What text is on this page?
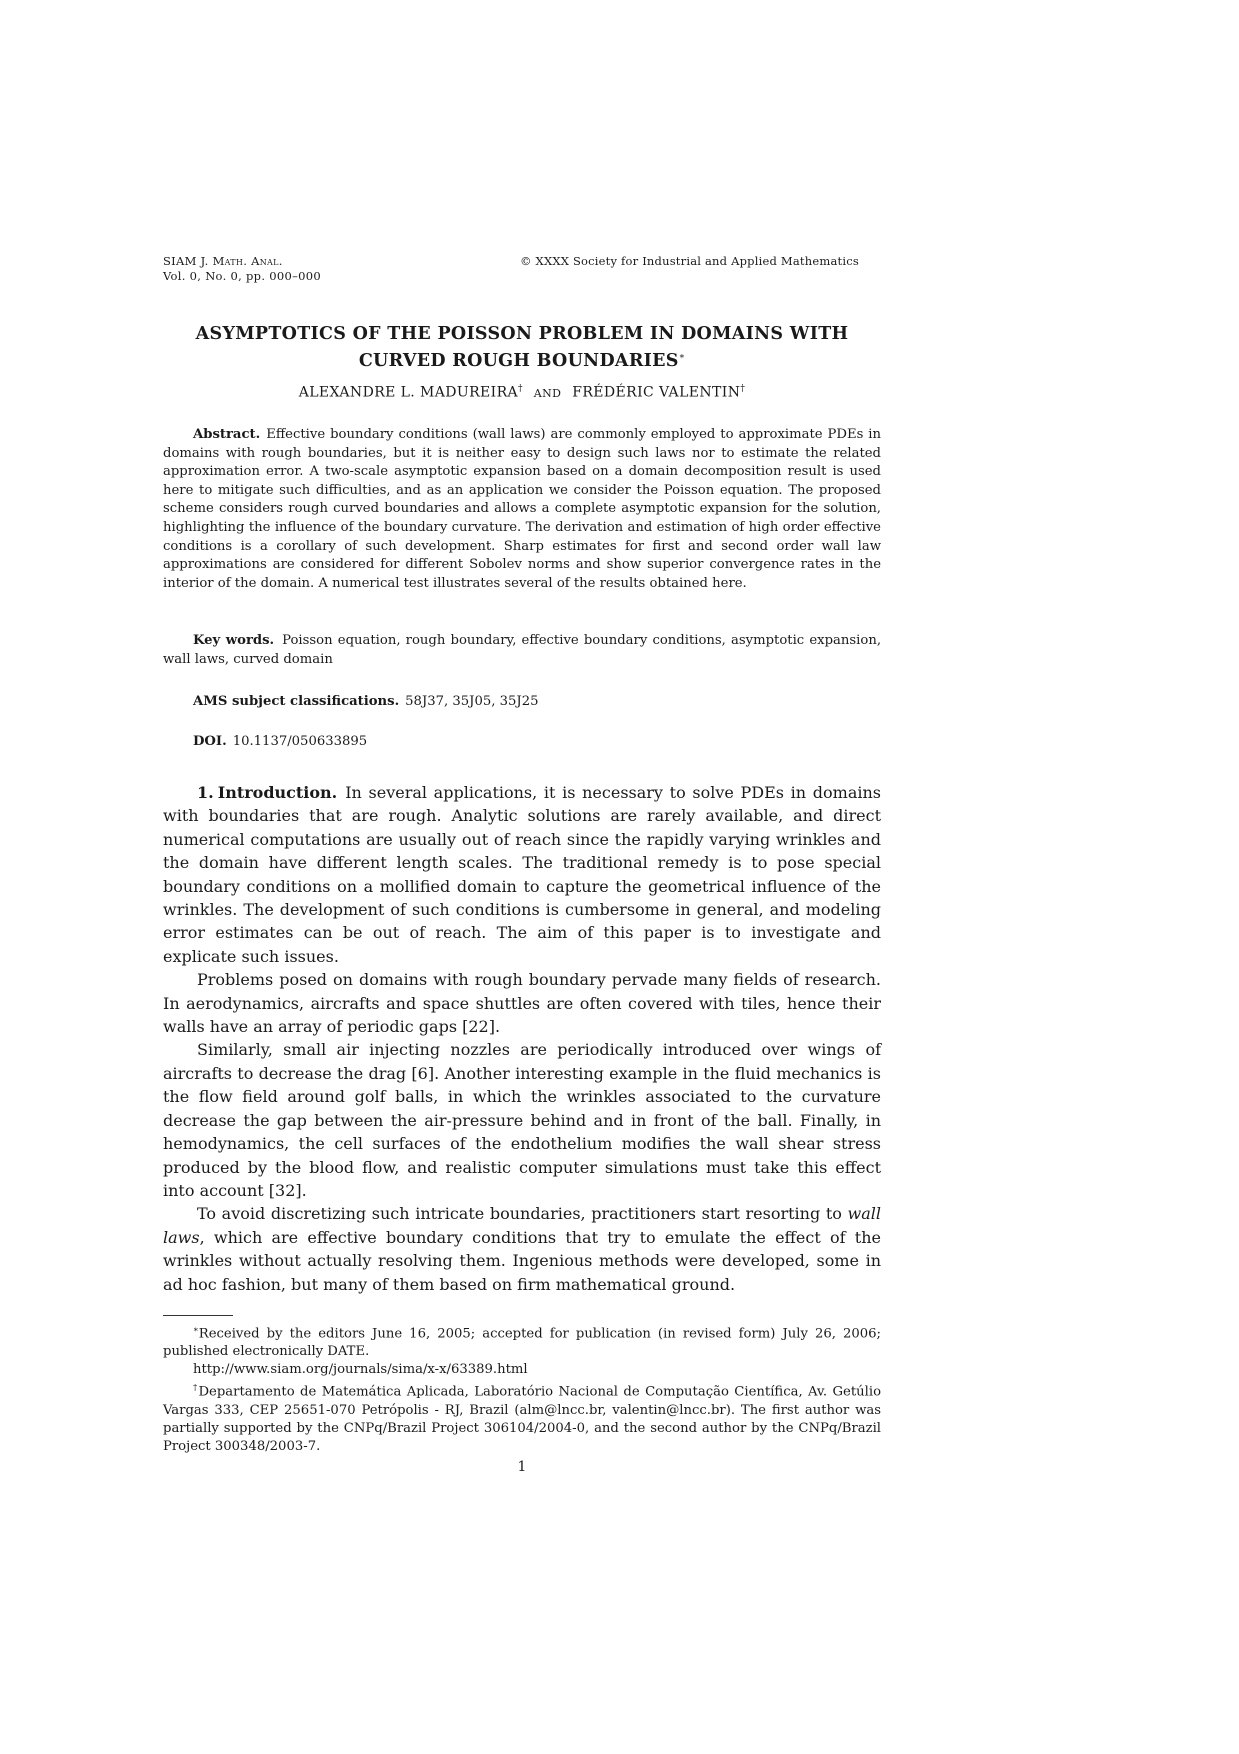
SIAM J. Math. Anal.
Vol. 0, No. 0, pp. 000–000
© XXXX Society for Industrial and Applied Mathematics
ASYMPTOTICS OF THE POISSON PROBLEM IN DOMAINS WITH
CURVED ROUGH BOUNDARIES∗
ALEXANDRE L. MADUREIRA† AND FRÉDÉRIC VALENTIN†
Abstract. Effective boundary conditions (wall laws) are commonly employed to approximate PDEs in domains with rough boundaries, but it is neither easy to design such laws nor to estimate the related approximation error. A two-scale asymptotic expansion based on a domain decomposition result is used here to mitigate such difficulties, and as an application we consider the Poisson equation. The proposed scheme considers rough curved boundaries and allows a complete asymptotic expansion for the solution, highlighting the influence of the boundary curvature. The derivation and estimation of high order effective conditions is a corollary of such development. Sharp estimates for first and second order wall law approximations are considered for different Sobolev norms and show superior convergence rates in the interior of the domain. A numerical test illustrates several of the results obtained here.
Key words. Poisson equation, rough boundary, effective boundary conditions, asymptotic expansion, wall laws, curved domain
AMS subject classifications. 58J37, 35J05, 35J25
DOI. 10.1137/050633895

1. Introduction. In several applications, it is necessary to solve PDEs in domains with boundaries that are rough. Analytic solutions are rarely available, and direct numerical computations are usually out of reach since the rapidly varying wrinkles and the domain have different length scales. The traditional remedy is to pose special boundary conditions on a mollified domain to capture the geometrical influence of the wrinkles. The development of such conditions is cumbersome in general, and modeling error estimates can be out of reach. The aim of this paper is to investigate and explicate such issues.

Problems posed on domains with rough boundary pervade many fields of research. In aerodynamics, aircrafts and space shuttles are often covered with tiles, hence their walls have an array of periodic gaps [22].

Similarly, small air injecting nozzles are periodically introduced over wings of aircrafts to decrease the drag [6]. Another interesting example in the fluid mechanics is the flow field around golf balls, in which the wrinkles associated to the curvature decrease the gap between the air-pressure behind and in front of the ball. Finally, in hemodynamics, the cell surfaces of the endothelium modifies the wall shear stress produced by the blood flow, and realistic computer simulations must take this effect into account [32].

To avoid discretizing such intricate boundaries, practitioners start resorting to wall laws, which are effective boundary conditions that try to emulate the effect of the wrinkles without actually resolving them. Ingenious methods were developed, some in ad hoc fashion, but many of them based on firm mathematical ground.

∗Received by the editors June 16, 2005; accepted for publication (in revised form) July 26, 2006; published electronically DATE.

http://www.siam.org/journals/sima/x-x/63389.html

†Departamento de Matemática Aplicada, Laboratório Nacional de Computação Científica, Av. Getúlio Vargas 333, CEP 25651-070 Petrópolis - RJ, Brazil (alm@lncc.br, valentin@lncc.br). The first author was partially supported by the CNPq/Brazil Project 306104/2004-0, and the second author by the CNPq/Brazil Project 300348/2003-7.

1
